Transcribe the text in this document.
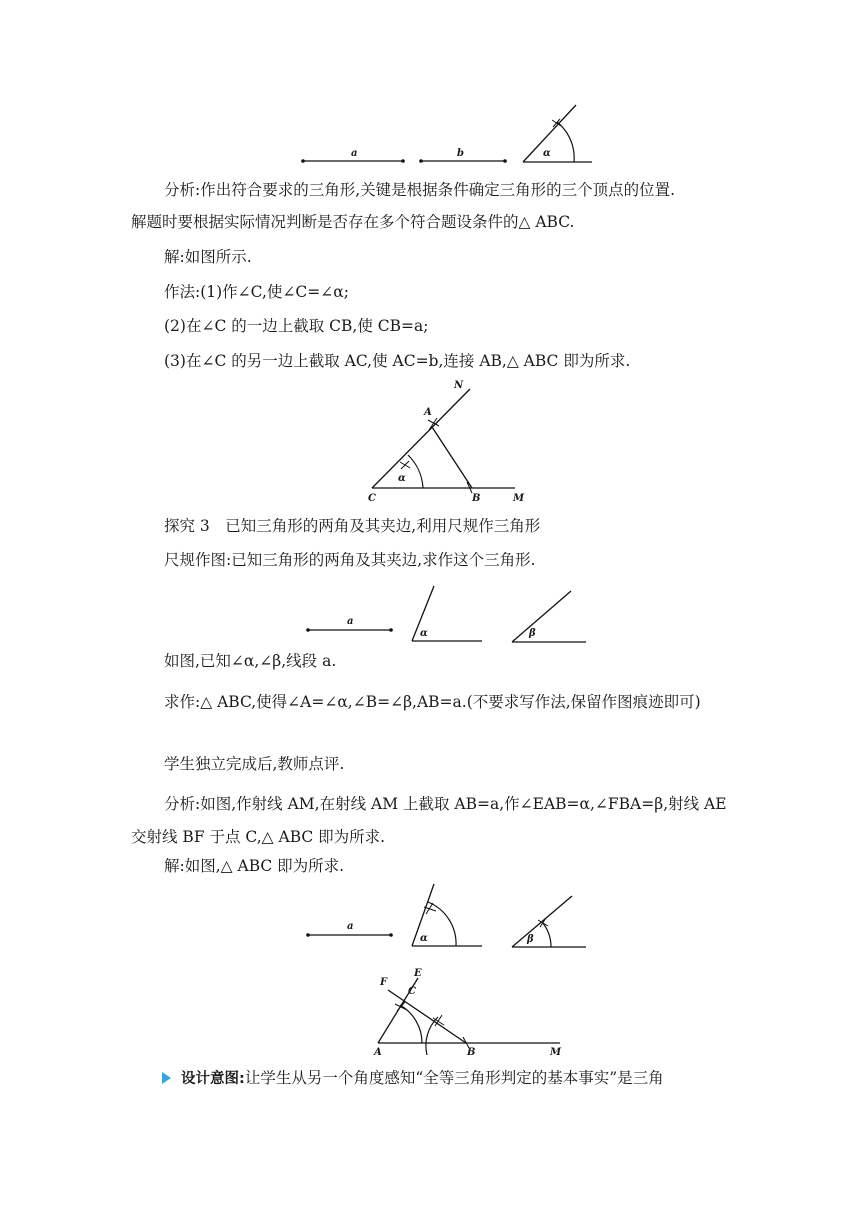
a	b	α
分析:作出符合要求的三角形,关键是根据条件确定三角形的三个顶点的位置.
解题时要根据实际情况判断是否存在多个符合题设条件的△ ABC.
解:如图所示.
作法:(1)作∠C,使∠C=∠α;
(2)在∠C 的一边上截取 CB,使 CB=a;
(3)在∠C 的另一边上截取 AC,使 AC=b,连接 AB,△ ABC 即为所求.
N
A
α
C	B	M
探究 3　已知三角形的两角及其夹边,利用尺规作三角形
尺规作图:已知三角形的两角及其夹边,求作这个三角形.
a
α	β
如图,已知∠α,∠β,线段 a.
求作:△ ABC,使得∠A=∠α,∠B=∠β,AB=a.(不要求写作法,保留作图痕迹即可)
学生独立完成后,教师点评.
分析:如图,作射线 AM,在射线 AM 上截取 AB=a,作∠EAB=α,∠FBA=β,射线 AE 交射线 BF 于点 C,△ ABC 即为所求.
解:如图,△ ABC 即为所求.
a
α	β
F
E
C
A	B	M
设计意图:让学生从另一个角度感知“全等三角形判定的基本事实”是三角
